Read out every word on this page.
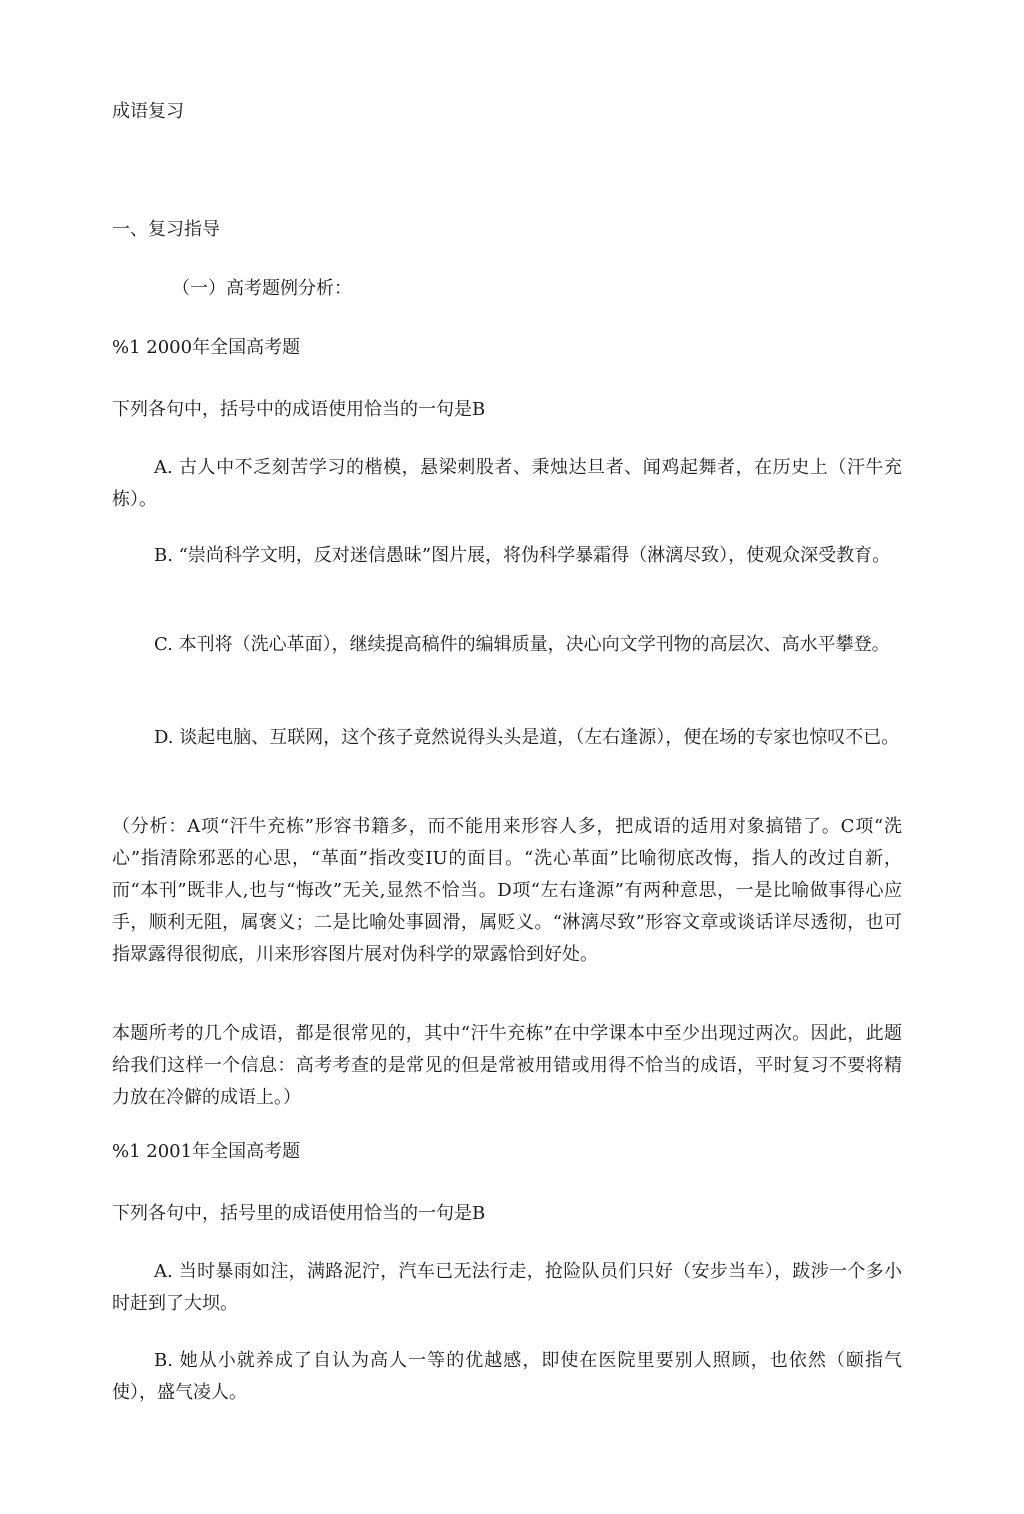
成语复习
一、复习指导
（一）高考题例分析：
%1 2000年全国高考题
下列各句中，括号中的成语使用恰当的一句是B
A. 古人中不乏刻苦学习的楷模，悬梁刺股者、秉烛达旦者、闻鸡起舞者，在历史上（汗牛充栋）。
B. “崇尚科学文明，反对迷信愚昧”图片展，将伪科学暴霜得（淋漓尽致），使观众深受教育。
C. 本刊将（洗心革面），继续提高稿件的编辑质量，决心向文学刊物的高层次、高水平攀登。
D. 谈起电脑、互联网，这个孩子竟然说得头头是道，（左右逢源），便在场的专家也惊叹不已。
（分析：A项“汗牛充栋”形容书籍多，而不能用来形容人多，把成语的适用对象搞错了。C项“洗心”指清除邪恶的心思，“革面”指改变IU的面目。“洗心革面”比喻彻底改悔，指人的改过自新，而“本刊”既非人,也与“悔改”无关,显然不恰当。D项“左右逢源”有两种意思，一是比喻做事得心应手，顺利无阻，属褒义；二是比喻处事圆滑，属贬义。“淋漓尽致”形容文章或谈话详尽透彻，也可指眾露得很彻底，川来形容图片展对伪科学的眾露恰到好处。
本题所考的几个成语，都是很常见的，其中“汗牛充栋”在中学课本中至少出现过两次。因此，此题给我们这样一个信息：高考考查的是常见的但是常被用错或用得不恰当的成语，平时复习不要将精力放在冷僻的成语上。）
%1 2001年全国高考题
下列各句中，括号里的成语使用恰当的一句是B
A. 当时暴雨如注，满路泥泞，汽车已无法行走，抢险队员们只好（安步当车），跋涉一个多小时赶到了大坝。
B. 她从小就养成了自认为高人一等的优越感，即使在医院里要别人照顾，也依然（颐指气使），盛气凌人。
